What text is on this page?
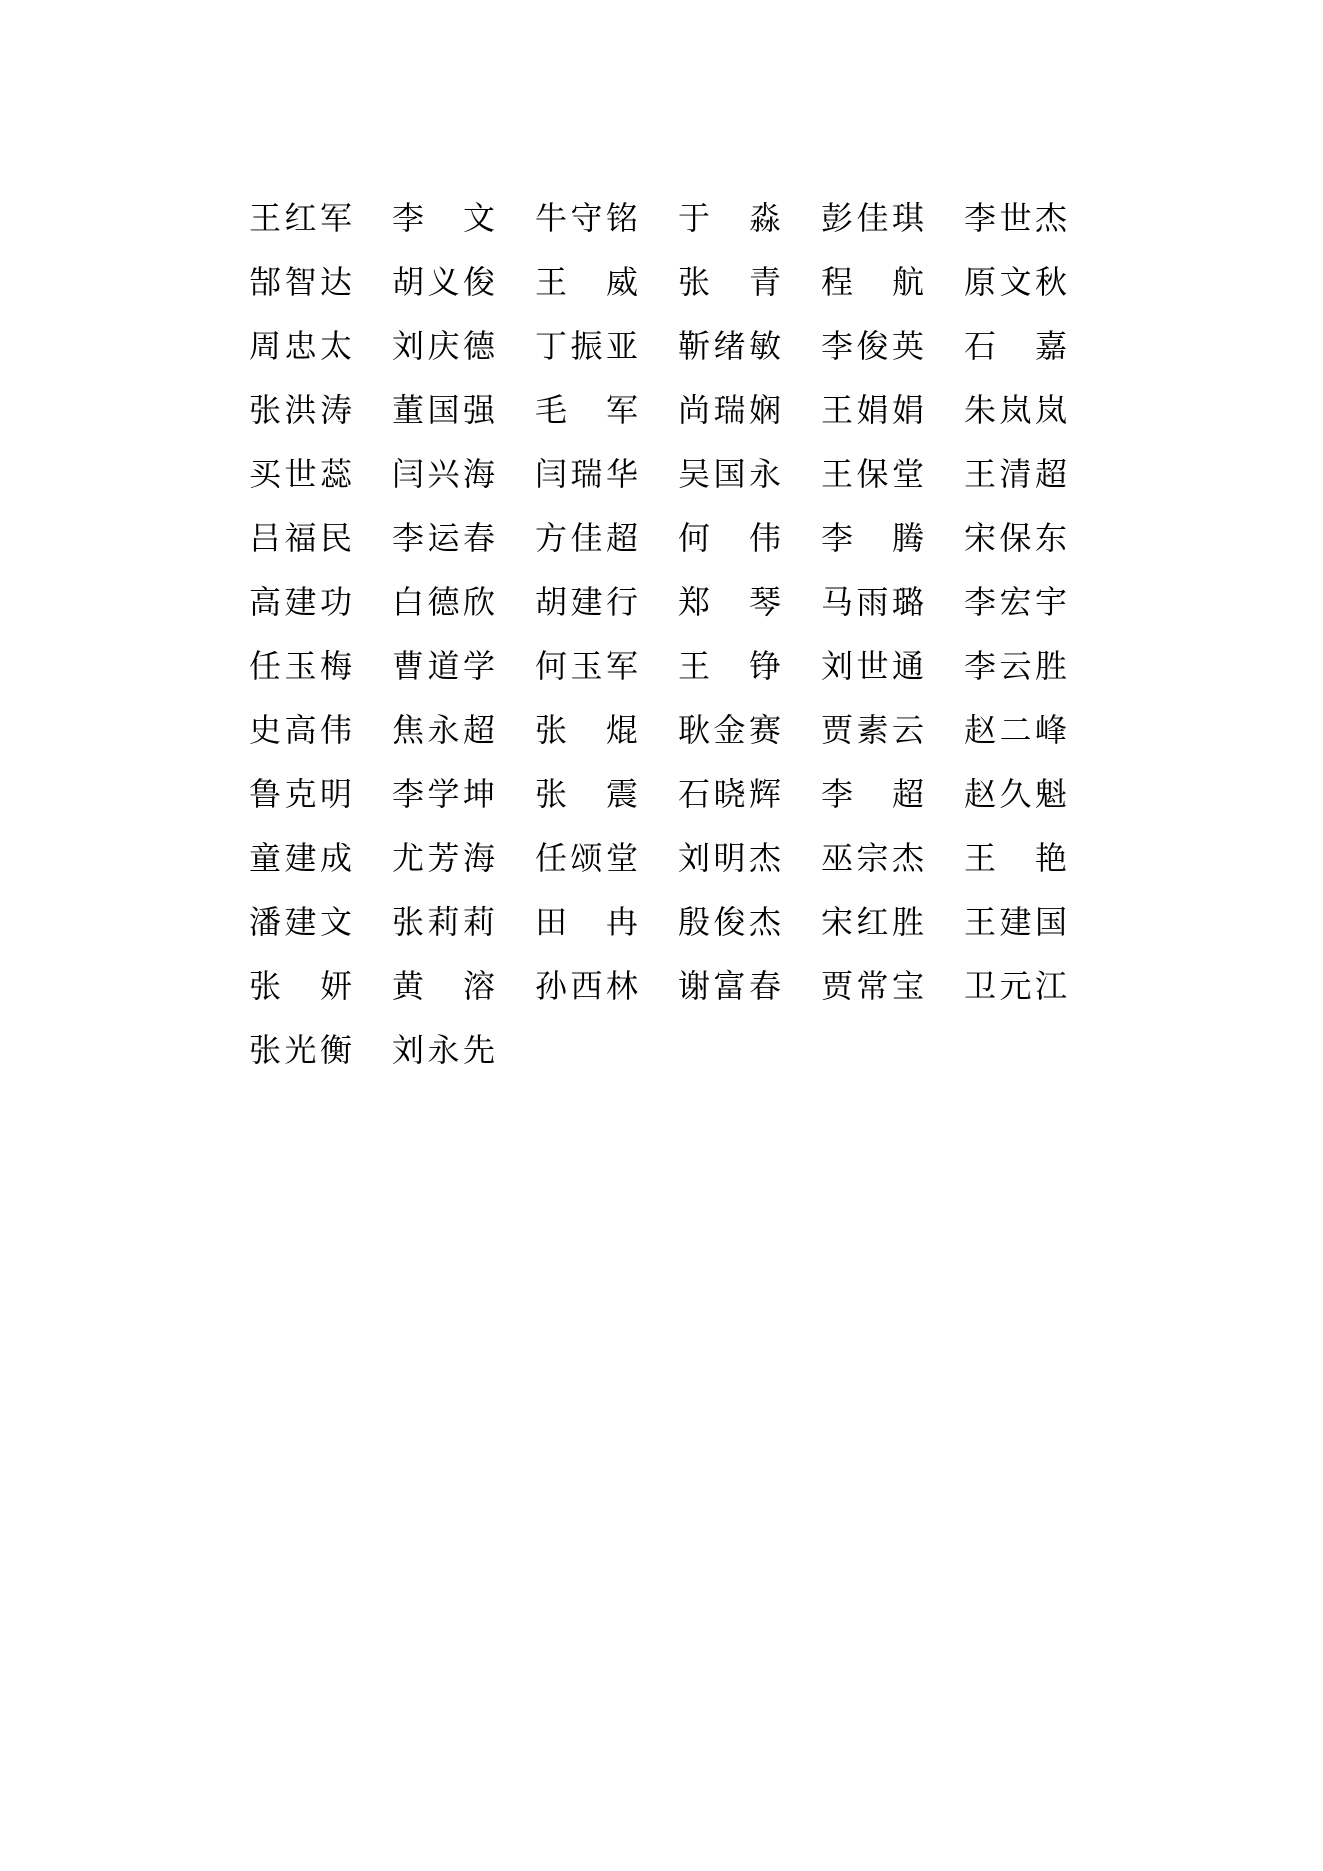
王 红 军 李 文 牛 守 铭 于 淼 彭 佳 琪 李 世 杰
郜 智 达 胡 义 俊 王 威 张 青 程 航 原 文 秋
周 忠 太 刘 庆 德 丁 振 亚 靳 绪 敏 李 俊 英 石 嘉
张 洪 涛 董 国 强 毛 军 尚 瑞 娴 王 娟 娟 朱 岚 岚
买 世 蕊 闫 兴 海 闫 瑞 华 吴 国 永 王 保 堂 王 清 超
吕 福 民 李 运 春 方 佳 超 何 伟 李 腾 宋 保 东
高 建 功 白 德 欣 胡 建 行 郑 琴 马 雨 璐 李 宏 宇
任 玉 梅 曹 道 学 何 玉 军 王 铮 刘 世 通 李 云 胜
史 高 伟 焦 永 超 张 焜 耿 金 赛 贾 素 云 赵 二 峰
鲁 克 明 李 学 坤 张 震 石 晓 辉 李 超 赵 久 魁
童 建 成 尤 芳 海 任 颂 堂 刘 明 杰 巫 宗 杰 王 艳
潘 建 文 张 莉 莉 田 冉 殷 俊 杰 宋 红 胜 王 建 国
张 妍 黄 溶 孙 西 林 谢 富 春 贾 常 宝 卫 元 江
张 光 衡 刘 永 先
